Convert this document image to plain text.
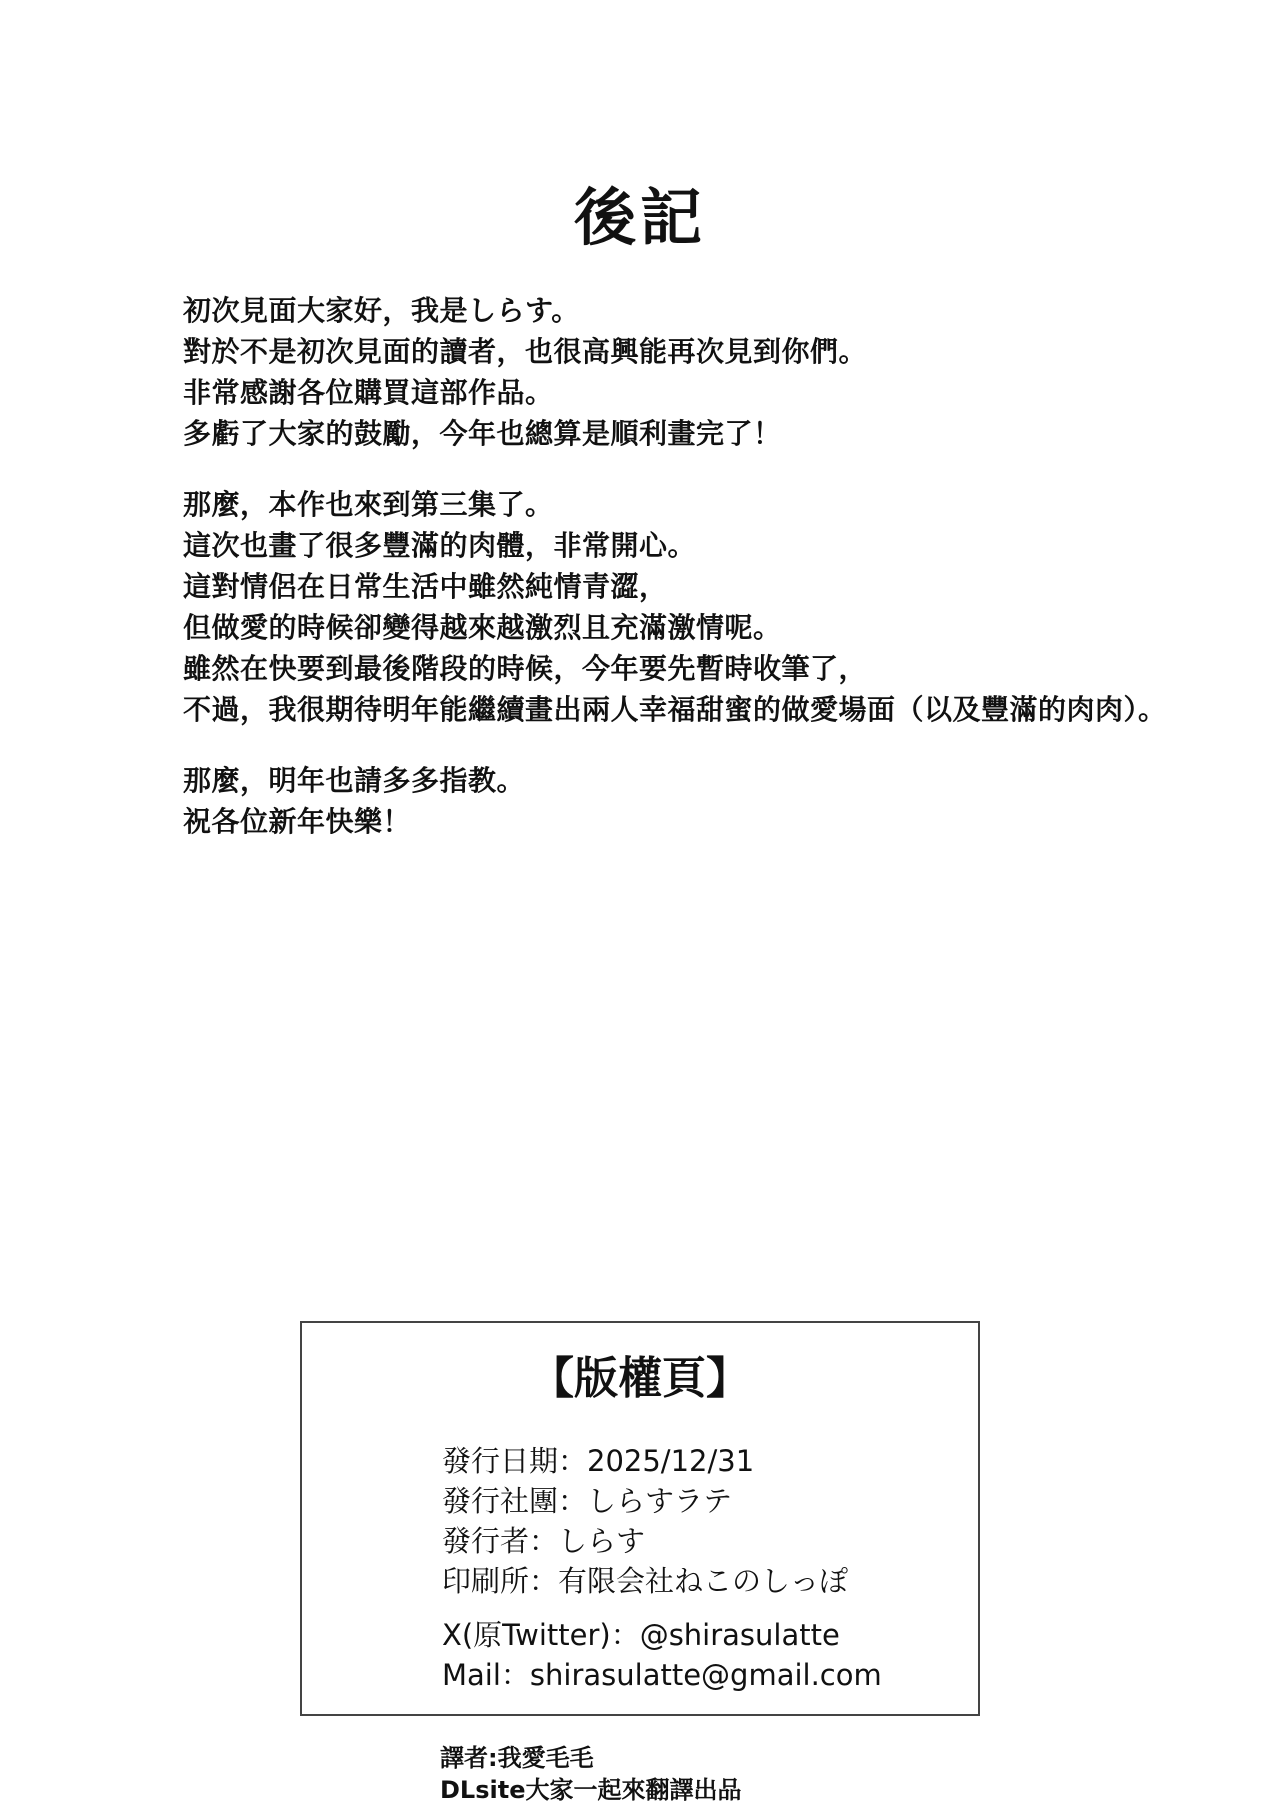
後記
初次見面大家好，我是しらす。
對於不是初次見面的讀者，也很高興能再次見到你們。
非常感謝各位購買這部作品。
多虧了大家的鼓勵，今年也總算是順利畫完了！
那麼，本作也來到第三集了。
這次也畫了很多豐滿的肉體，非常開心。
這對情侶在日常生活中雖然純情青澀，
但做愛的時候卻變得越來越激烈且充滿激情呢。
雖然在快要到最後階段的時候，今年要先暫時收筆了，
不過，我很期待明年能繼續畫出兩人幸福甜蜜的做愛場面（以及豐滿的肉肉）。
那麼，明年也請多多指教。
祝各位新年快樂！
【版權頁】
發行日期：2025/12/31
發行社團：しらすラテ
發行者：しらす
印刷所：有限会社ねこのしっぽ
X(原Twitter)：@shirasulatte
Mail：shirasulatte@gmail.com
譯者:我愛毛毛
DLsite大家一起來翻譯出品
